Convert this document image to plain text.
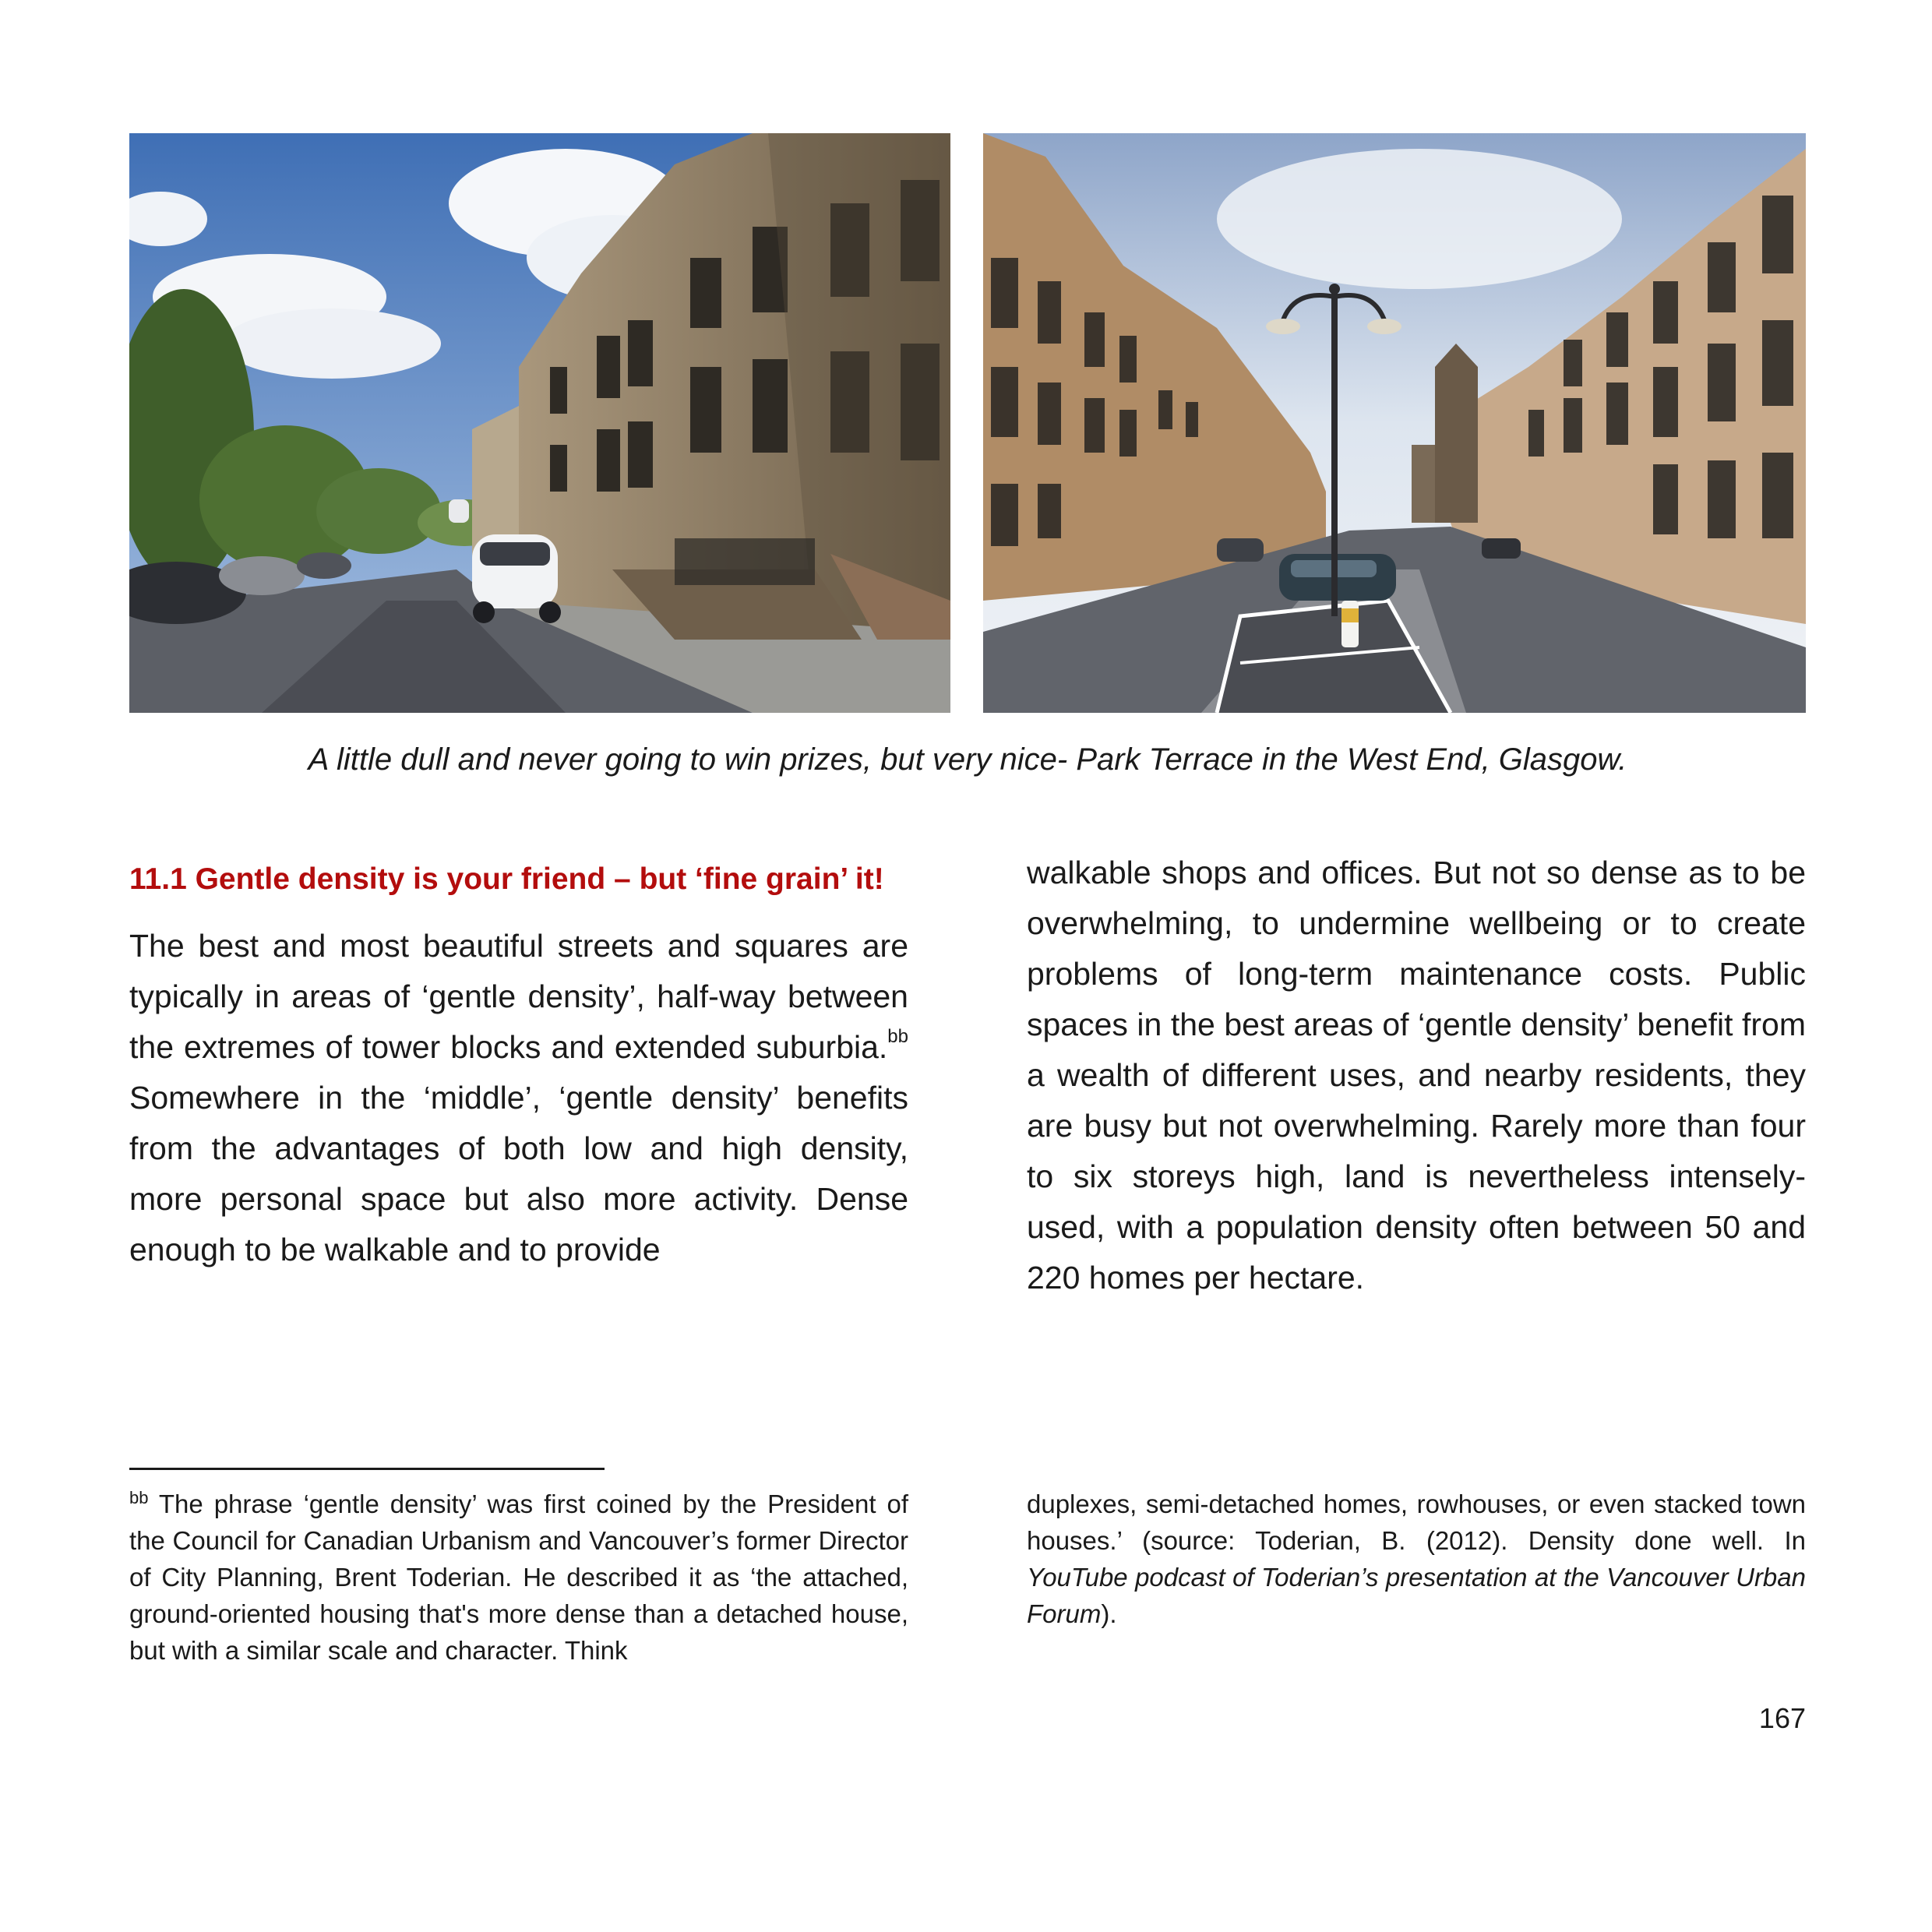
A little dull and never going to win prizes, but very nice- Park Terrace in the West End, Glasgow.
11.1 Gentle density is your friend – but ‘fine grain’ it!

The best and most beautiful streets and squares are typically in areas of ‘gentle density’, half-way between the extremes of tower blocks and extended suburbia.$^{bb}$ Somewhere in the ‘middle’, ‘gentle density’ benefits from the advantages of both low and high density, more personal space but also more activity. Dense enough to be walkable and to provide

walkable shops and offices. But not so dense as to be overwhelming, to undermine wellbeing or to create problems of long-term maintenance costs. Public spaces in the best areas of ‘gentle density’ benefit from a wealth of different uses, and nearby residents, they are busy but not overwhelming. Rarely more than four to six storeys high, land is nevertheless intensely-used, with a population density often between 50 and 220 homes per hectare.

$^{bb}$ The phrase ‘gentle density’ was first coined by the President of the Council for Canadian Urbanism and Vancouver’s former Director of City Planning, Brent Toderian. He described it as ‘the attached, ground-oriented housing that's more dense than a detached house, but with a similar scale and character. Think
duplexes, semi-detached homes, rowhouses, or even stacked town houses.’ (source: Toderian, B. (2012). Density done well. In YouTube podcast of Toderian’s presentation at the Vancouver Urban Forum).
167
